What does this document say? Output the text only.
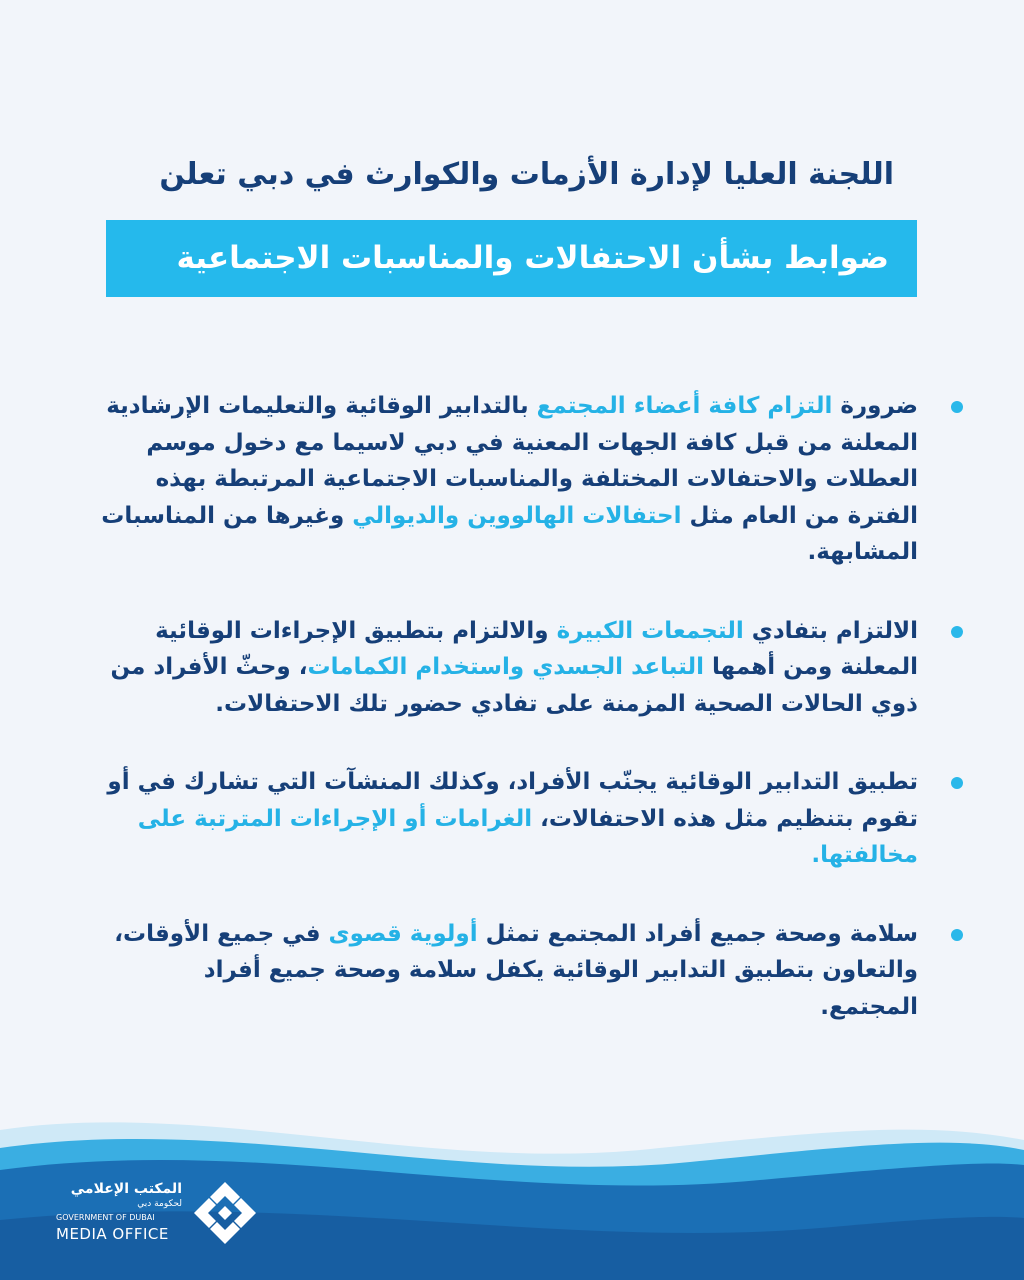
اللجنة العليا لإدارة الأزمات والكوارث في دبي تعلن
ضوابط بشأن الاحتفالات والمناسبات الاجتماعية
ضرورة التزام كافة أعضاء المجتمع بالتدابير الوقائية والتعليمات الإرشادية المعلنة من قبل كافة الجهات المعنية في دبي لاسيما مع دخول موسم العطلات والاحتفالات المختلفة والمناسبات الاجتماعية المرتبطة بهذه الفترة من العام مثل احتفالات الهالووين والديوالي وغيرها من المناسبات المشابهة.
الالتزام بتفادي التجمعات الكبيرة والالتزام بتطبيق الإجراءات الوقائية المعلنة ومن أهمها التباعد الجسدي واستخدام الكمامات، وحثّ الأفراد من ذوي الحالات الصحية المزمنة على تفادي حضور تلك الاحتفالات.
تطبيق التدابير الوقائية يجنّب الأفراد، وكذلك المنشآت التي تشارك في أو تقوم بتنظيم مثل هذه الاحتفالات، الغرامات أو الإجراءات المترتبة على مخالفتها.
سلامة وصحة جميع أفراد المجتمع تمثل أولوية قصوى في جميع الأوقات، والتعاون بتطبيق التدابير الوقائية يكفل سلامة وصحة جميع أفراد المجتمع.
المكتب الإعلامي
لحكومة دبي
GOVERNMENT OF DUBAI
MEDIA OFFICE
